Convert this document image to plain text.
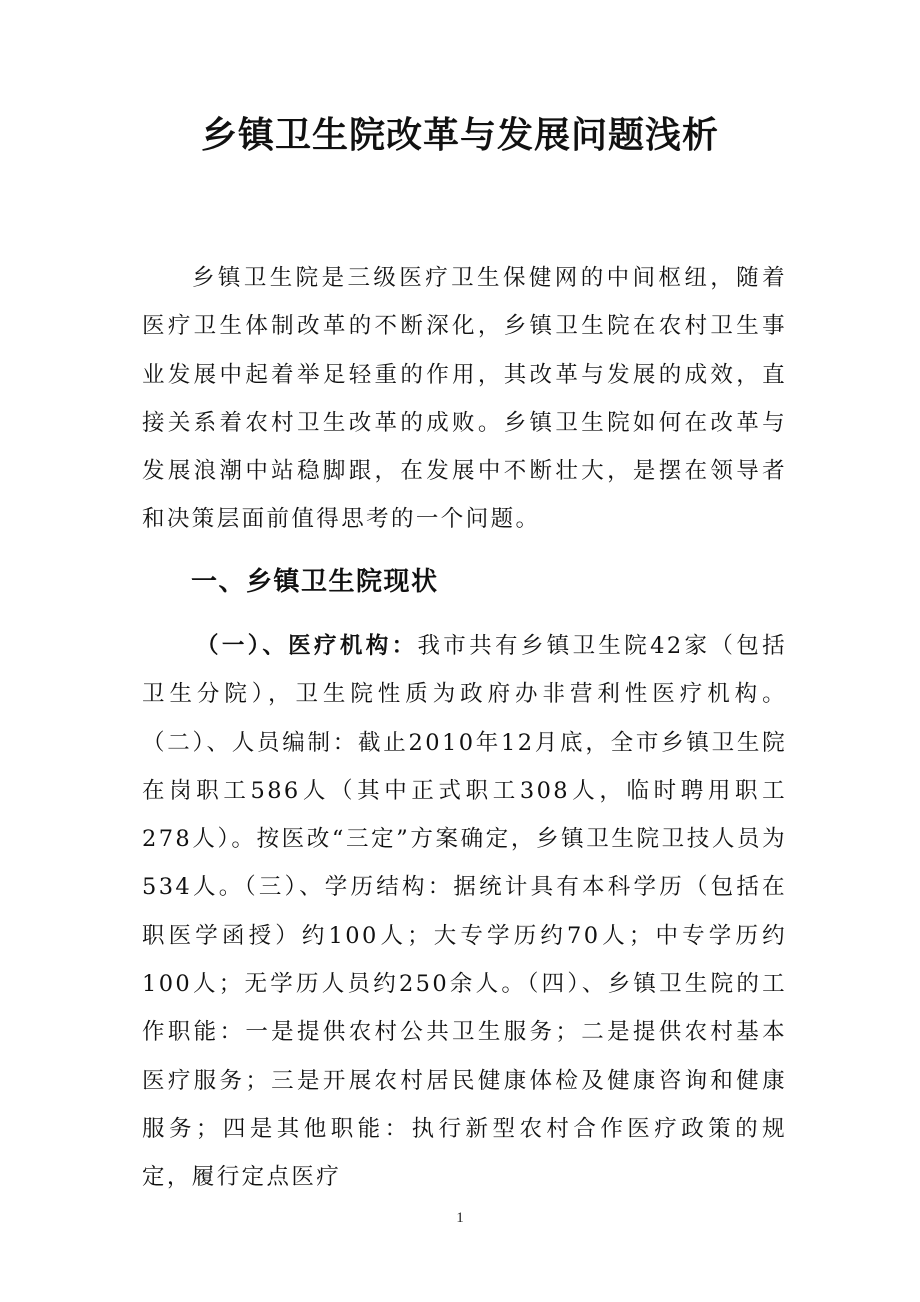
乡镇卫生院改革与发展问题浅析
乡镇卫生院是三级医疗卫生保健网的中间枢纽，随着医疗卫生体制改革的不断深化，乡镇卫生院在农村卫生事业发展中起着举足轻重的作用，其改革与发展的成效，直接关系着农村卫生改革的成败。乡镇卫生院如何在改革与发展浪潮中站稳脚跟，在发展中不断壮大，是摆在领导者和决策层面前值得思考的一个问题。
一、乡镇卫生院现状
（一）、医疗机构：我市共有乡镇卫生院42家（包括卫生分院），卫生院性质为政府办非营利性医疗机构。（二）、人员编制：截止2010年12月底，全市乡镇卫生院在岗职工586人（其中正式职工308人，临时聘用职工278人）。按医改“三定”方案确定，乡镇卫生院卫技人员为534人。（三）、学历结构：据统计具有本科学历（包括在职医学函授）约100人；大专学历约70人；中专学历约100人；无学历人员约250余人。（四）、乡镇卫生院的工作职能：一是提供农村公共卫生服务；二是提供农村基本医疗服务；三是开展农村居民健康体检及健康咨询和健康服务；四是其他职能：执行新型农村合作医疗政策的规定，履行定点医疗
1
